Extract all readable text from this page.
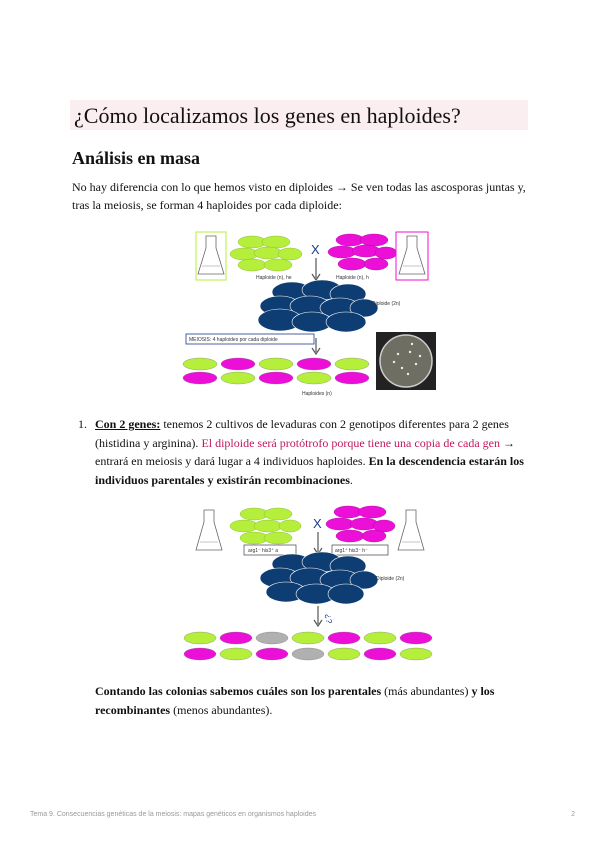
¿Cómo localizamos los genes en haploides?
Análisis en masa
No hay diferencia con lo que hemos visto en diploides → Se ven todas las ascosporas juntas y, tras la meiosis, se forman 4 haploides por cada diploide:
Haploide (n), he
X
Haploide (n), h
Diploide (2n)
MEIOSIS: 4 haploides por cada diploide
Haploides (n)
1. Con 2 genes: tenemos 2 cultivos de levaduras con 2 genotipos diferentes para 2 genes (histidina y arginina). El diploide será protótrofo porque tiene una copia de cada gen → entrará en meiosis y dará lugar a 4 individuos haploides. En la descendencia estarán los individuos parentales y existirán recombinaciones.
arg1⁻ his3⁺ a
X
arg1⁺ his3⁻ h⁻
Diploide (2n)
¿?
Contando las colonias sabemos cuáles son los parentales (más abundantes) y los recombinantes (menos abundantes).
Tema 9. Consecuencias genéticas de la meiosis: mapas genéticos en organismos haploides	2
